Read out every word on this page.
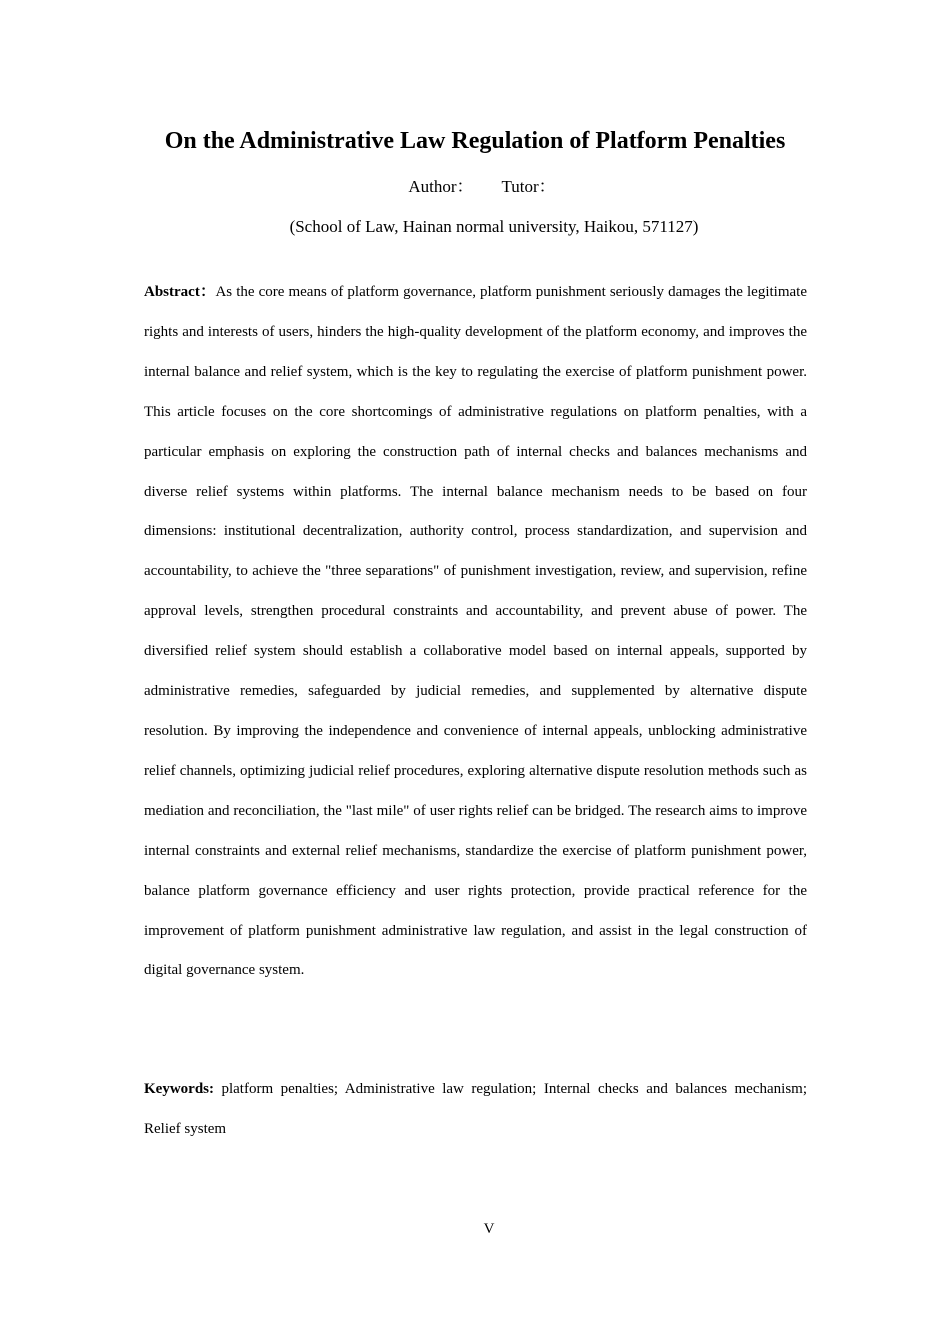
On the Administrative Law Regulation of Platform Penalties
Author： Tutor：
(School of Law, Hainan normal university, Haikou, 571127)

Abstract：As the core means of platform governance, platform punishment seriously damages the legitimate rights and interests of users, hinders the high-quality development of the platform economy, and improves the internal balance and relief system, which is the key to regulating the exercise of platform punishment power. This article focuses on the core shortcomings of administrative regulations on platform penalties, with a particular emphasis on exploring the construction path of internal checks and balances mechanisms and diverse relief systems within platforms. The internal balance mechanism needs to be based on four dimensions: institutional decentralization, authority control, process standardization, and supervision and accountability, to achieve the "three separations" of punishment investigation, review, and supervision, refine approval levels, strengthen procedural constraints and accountability, and prevent abuse of power. The diversified relief system should establish a collaborative model based on internal appeals, supported by administrative remedies, safeguarded by judicial remedies, and supplemented by alternative dispute resolution. By improving the independence and convenience of internal appeals, unblocking administrative relief channels, optimizing judicial relief procedures, exploring alternative dispute resolution methods such as mediation and reconciliation, the "last mile" of user rights relief can be bridged. The research aims to improve internal constraints and external relief mechanisms, standardize the exercise of platform punishment power, balance platform governance efficiency and user rights protection, provide practical reference for the improvement of platform punishment administrative law regulation, and assist in the legal construction of digital governance system.

Keywords: platform penalties; Administrative law regulation; Internal checks and balances mechanism; Relief system

V
